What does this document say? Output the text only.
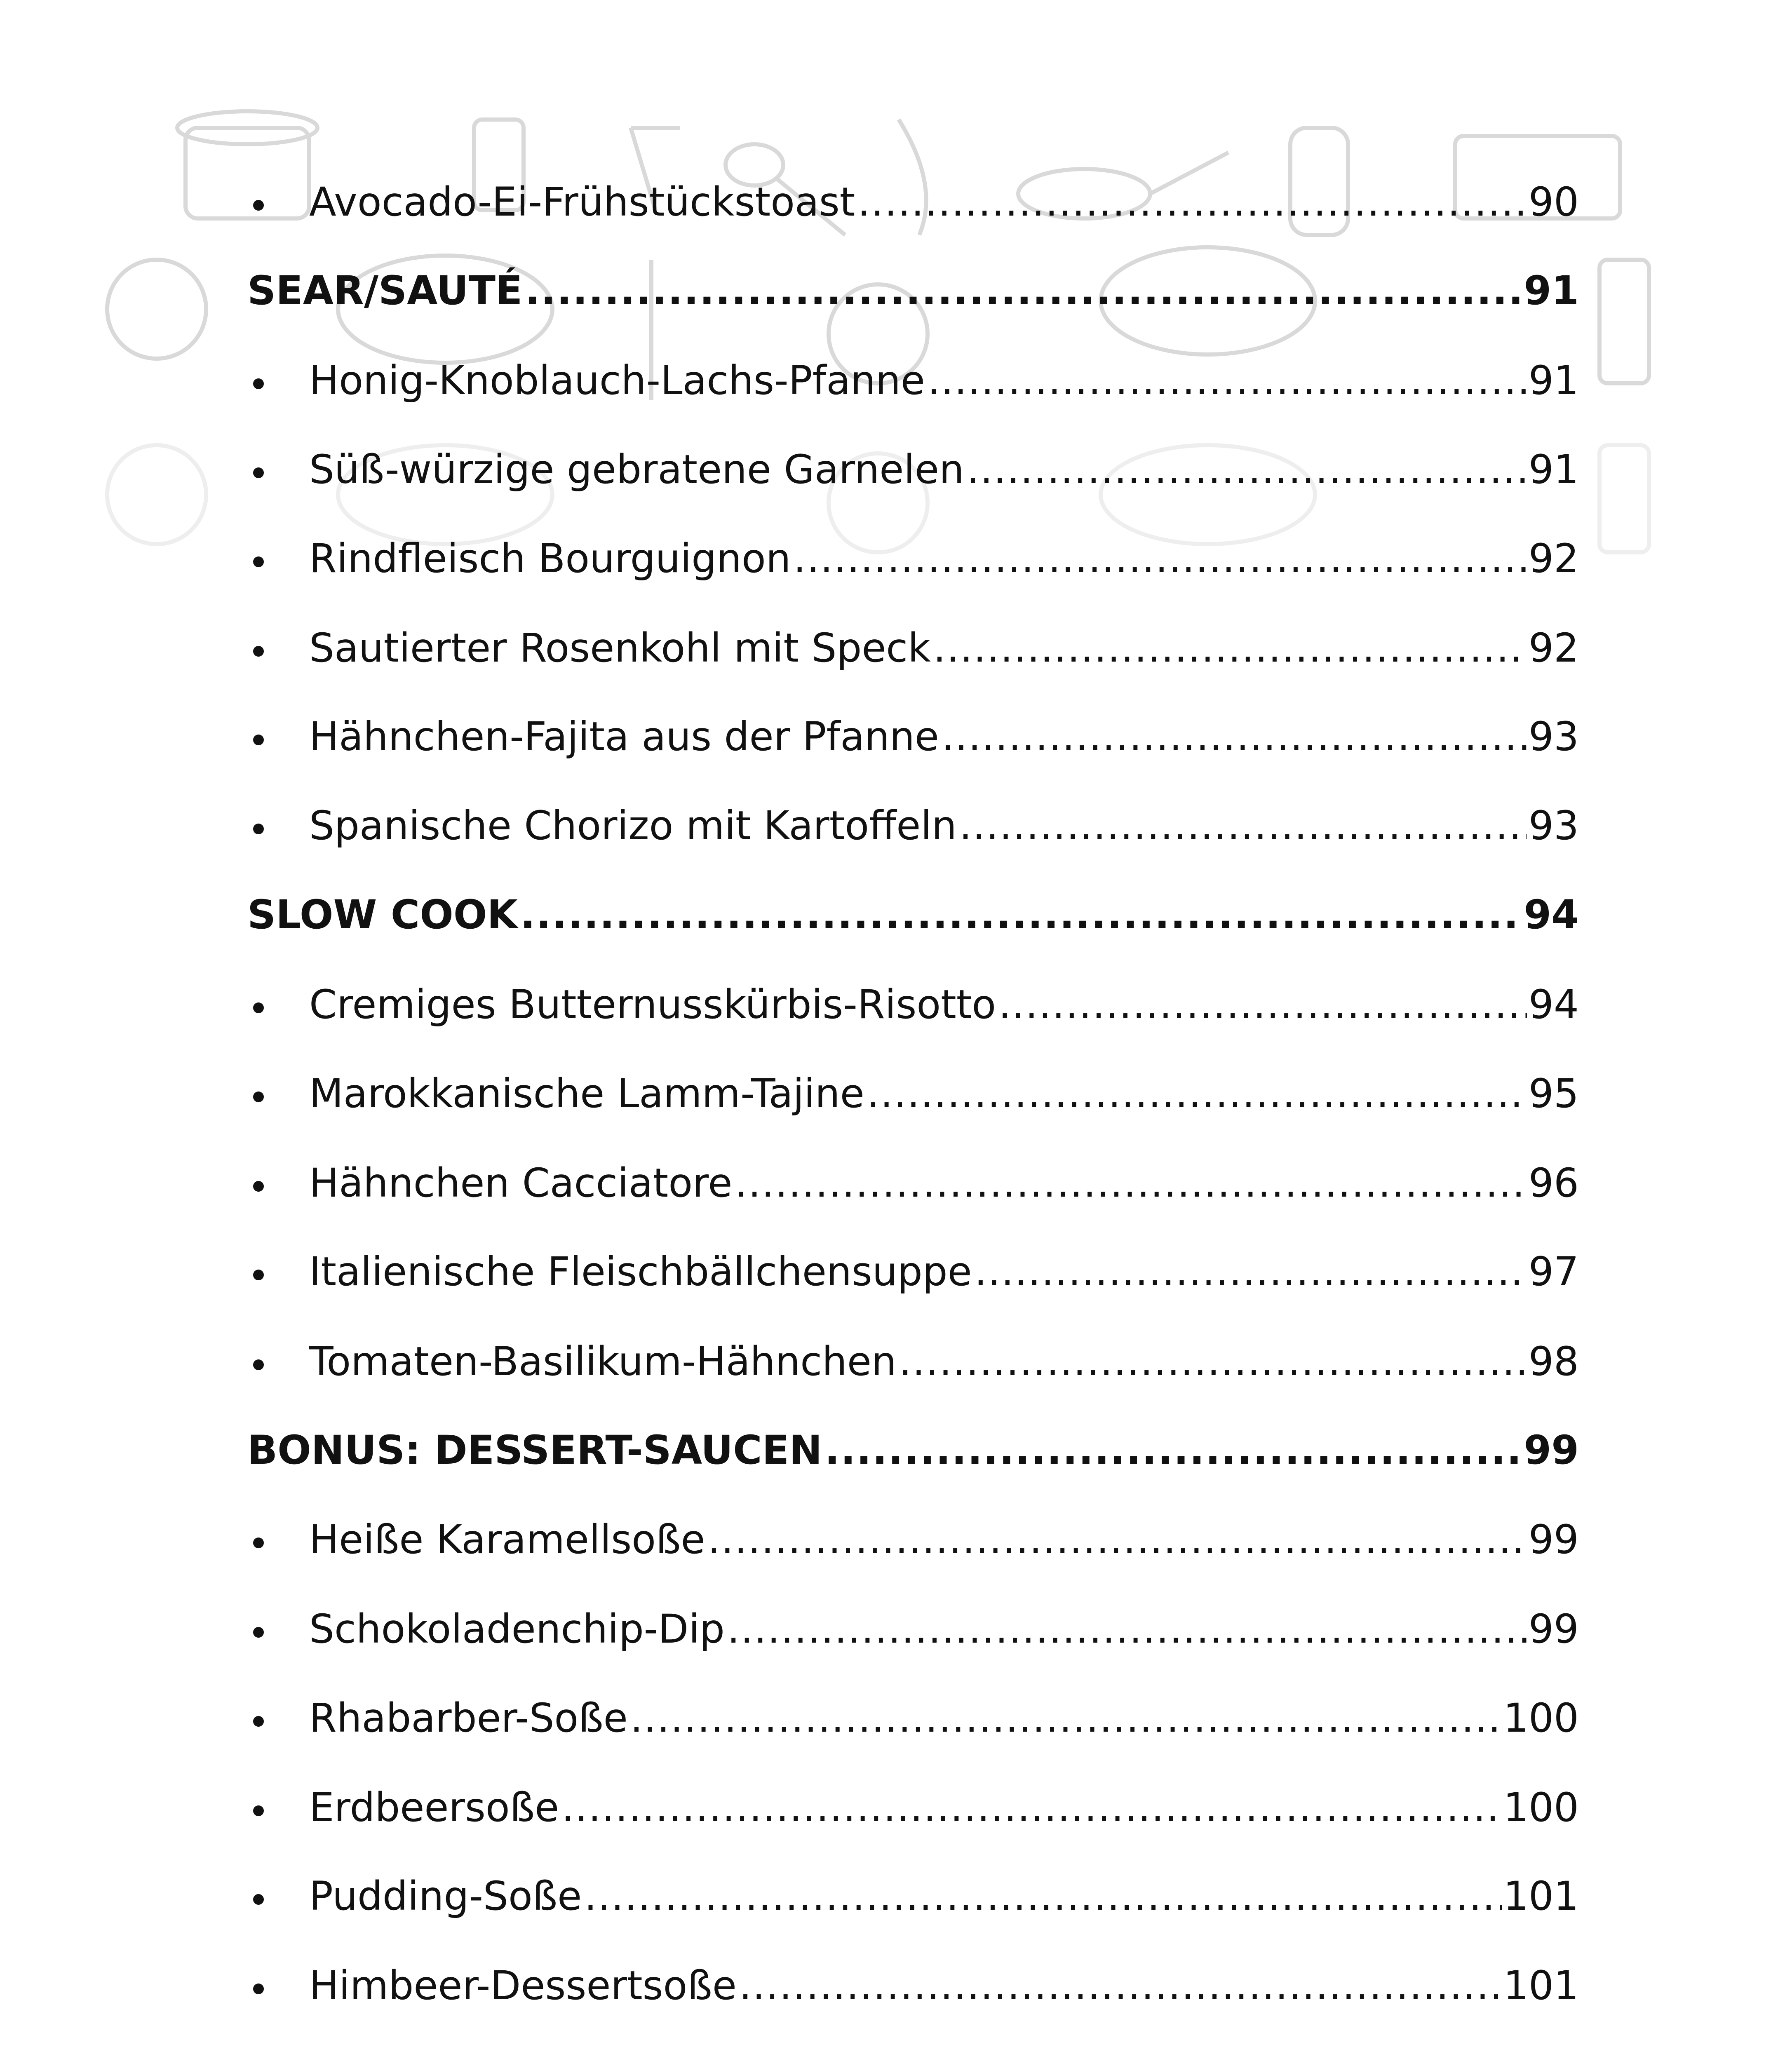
Avocado-Ei-Frühstückstoast .....	90
SEAR/SAUTÉ .....	91
Honig-Knoblauch-Lachs-Pfanne .....	91
Süß-würzige gebratene Garnelen .....	91
Rindfleisch Bourguignon .....	92
Sautierter Rosenkohl mit Speck .....	92
Hähnchen-Fajita aus der Pfanne .....	93
Spanische Chorizo mit Kartoffeln .....	93
SLOW COOK .....	94
Cremiges Butternusskürbis-Risotto .....	94
Marokkanische Lamm-Tajine .....	95
Hähnchen Cacciatore .....	96
Italienische Fleischbällchensuppe .....	97
Tomaten-Basilikum-Hähnchen .....	98
BONUS: DESSERT-SAUCEN .....	99
Heiße Karamellsoße .....	99
Schokoladenchip-Dip .....	99
Rhabarber-Soße .....	100
Erdbeersoße .....	100
Pudding-Soße .....	101
Himbeer-Dessertsoße .....	101
